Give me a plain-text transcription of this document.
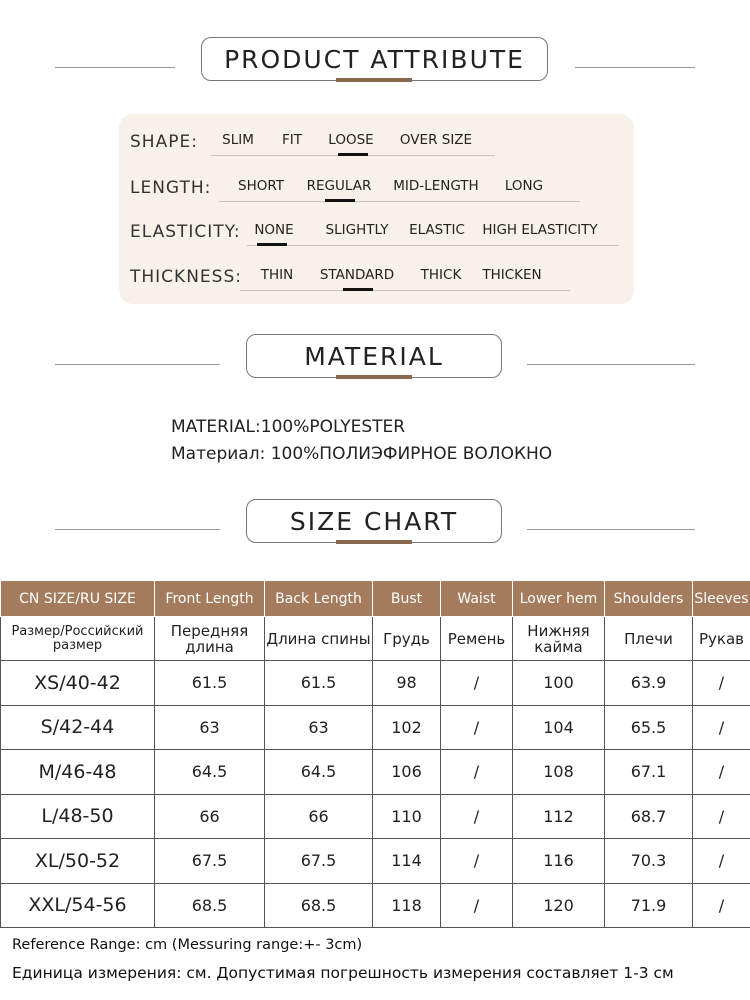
PRODUCT ATTRIBUTE
SHAPE: SLIM FIT LOOSE OVER SIZE
LENGTH: SHORT REGULAR MID-LENGTH LONG
ELASTICITY: NONE SLIGHTLY ELASTIC HIGH ELASTICITY
THICKNESS: THIN STANDARD THICK THICKEN
MATERIAL
MATERIAL:100%POLYESTER
Материал: 100%ПОЛИЭФИРНОЕ ВОЛОКНО
SIZE CHART
CN SIZE/RU SIZE	Front Length	Back Length	Bust	Waist	Lower hem	Shoulders	Sleeves
Размер/Российский размер	Передняя длина	Длина спины	Грудь	Ремень	Нижняя кайма	Плечи	Рукав
XS/40-42	61.5	61.5	98	/	100	63.9	/
S/42-44	63	63	102	/	104	65.5	/
M/46-48	64.5	64.5	106	/	108	67.1	/
L/48-50	66	66	110	/	112	68.7	/
XL/50-52	67.5	67.5	114	/	116	70.3	/
XXL/54-56	68.5	68.5	118	/	120	71.9	/
Reference Range: cm (Messuring range:+- 3cm)
Единица измерения: см. Допустимая погрешность измерения составляет 1-3 см
